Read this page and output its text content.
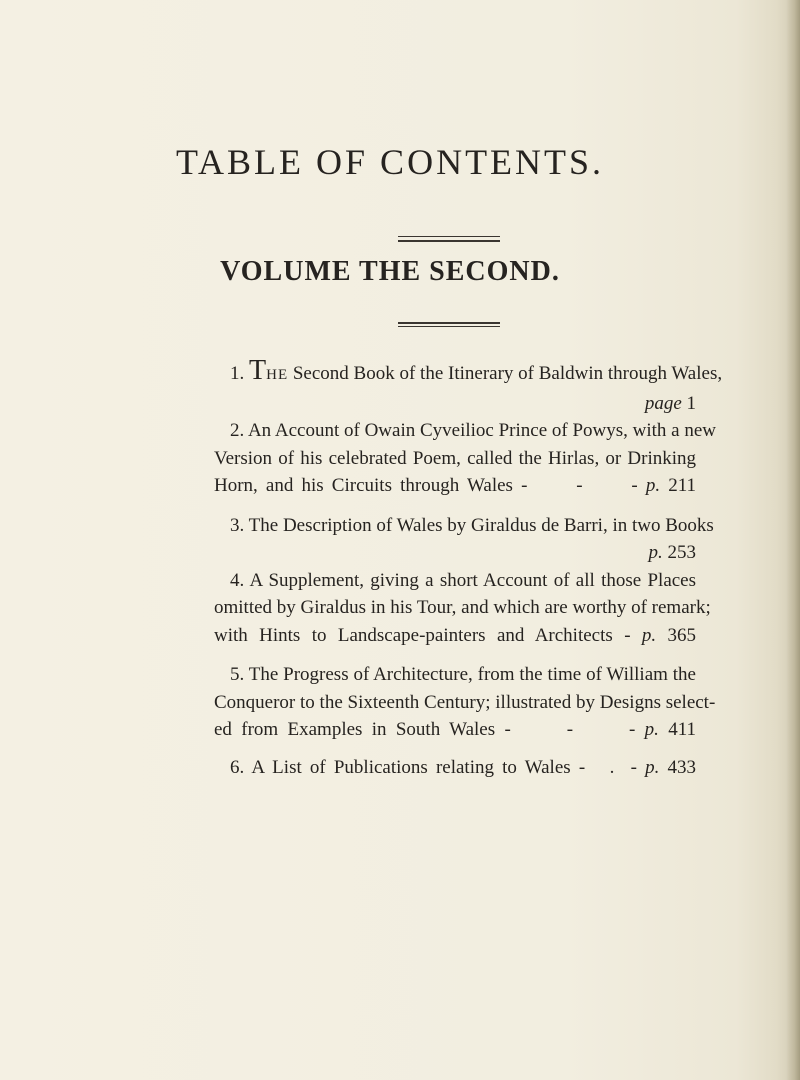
TABLE OF CONTENTS.
VOLUME THE SECOND.
1. THE Second Book of the Itinerary of Baldwin through Wales,
page 1
2. An Account of Owain Cyveilioc Prince of Powys, with a new
Version of his celebrated Poem, called the Hirlas, or Drinking
Horn, and his Circuits through Wales -      -      - p. 211
3. The Description of Wales by Giraldus de Barri, in two Books
p. 253
4. A Supplement, giving a short Account of all those Places
omitted by Giraldus in his Tour, and which are worthy of remark;
with Hints to Landscape-painters and Architects - p. 365
5. The Progress of Architecture, from the time of William the
Conqueror to the Sixteenth Century; illustrated by Designs select-
ed from Examples in South Wales -      -      - p. 411
6. A List of Publications relating to Wales -   .  - p. 433
